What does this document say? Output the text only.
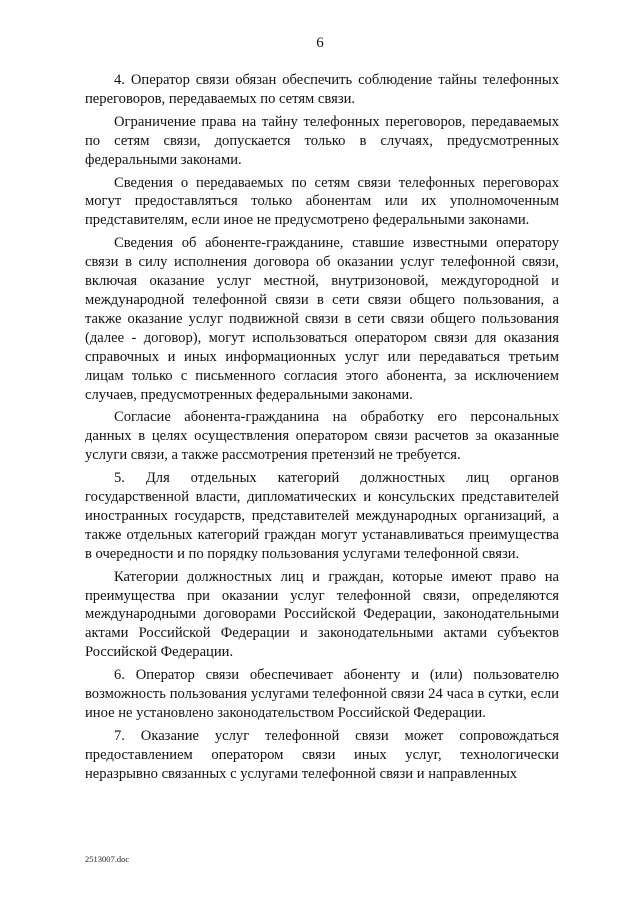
6

4. Оператор связи обязан обеспечить соблюдение тайны телефонных переговоров, передаваемых по сетям связи.

Ограничение права на тайну телефонных переговоров, передаваемых по сетям связи, допускается только в случаях, предусмотренных федеральными законами.

Сведения о передаваемых по сетям связи телефонных переговорах могут предоставляться только абонентам или их уполномоченным представителям, если иное не предусмотрено федеральными законами.

Сведения об абоненте-гражданине, ставшие известными оператору связи в силу исполнения договора об оказании услуг телефонной связи, включая оказание услуг местной, внутризоновой, междугородной и международной телефонной связи в сети связи общего пользования, а также оказание услуг подвижной связи в сети связи общего пользования (далее - договор), могут использоваться оператором связи для оказания справочных и иных информационных услуг или передаваться третьим лицам только с письменного согласия этого абонента, за исключением случаев, предусмотренных федеральными законами.

Согласие абонента-гражданина на обработку его персональных данных в целях осуществления оператором связи расчетов за оказанные услуги связи, а также рассмотрения претензий не требуется.

5. Для отдельных категорий должностных лиц органов государственной власти, дипломатических и консульских представителей иностранных государств, представителей международных организаций, а также отдельных категорий граждан могут устанавливаться преимущества в очередности и по порядку пользования услугами телефонной связи.

Категории должностных лиц и граждан, которые имеют право на преимущества при оказании услуг телефонной связи, определяются международными договорами Российской Федерации, законодательными актами Российской Федерации и законодательными актами субъектов Российской Федерации.

6. Оператор связи обеспечивает абоненту и (или) пользователю возможность пользования услугами телефонной связи 24 часа в сутки, если иное не установлено законодательством Российской Федерации.

7. Оказание услуг телефонной связи может сопровождаться предоставлением оператором связи иных услуг, технологически неразрывно связанных с услугами телефонной связи и направленных

2513007.doc
